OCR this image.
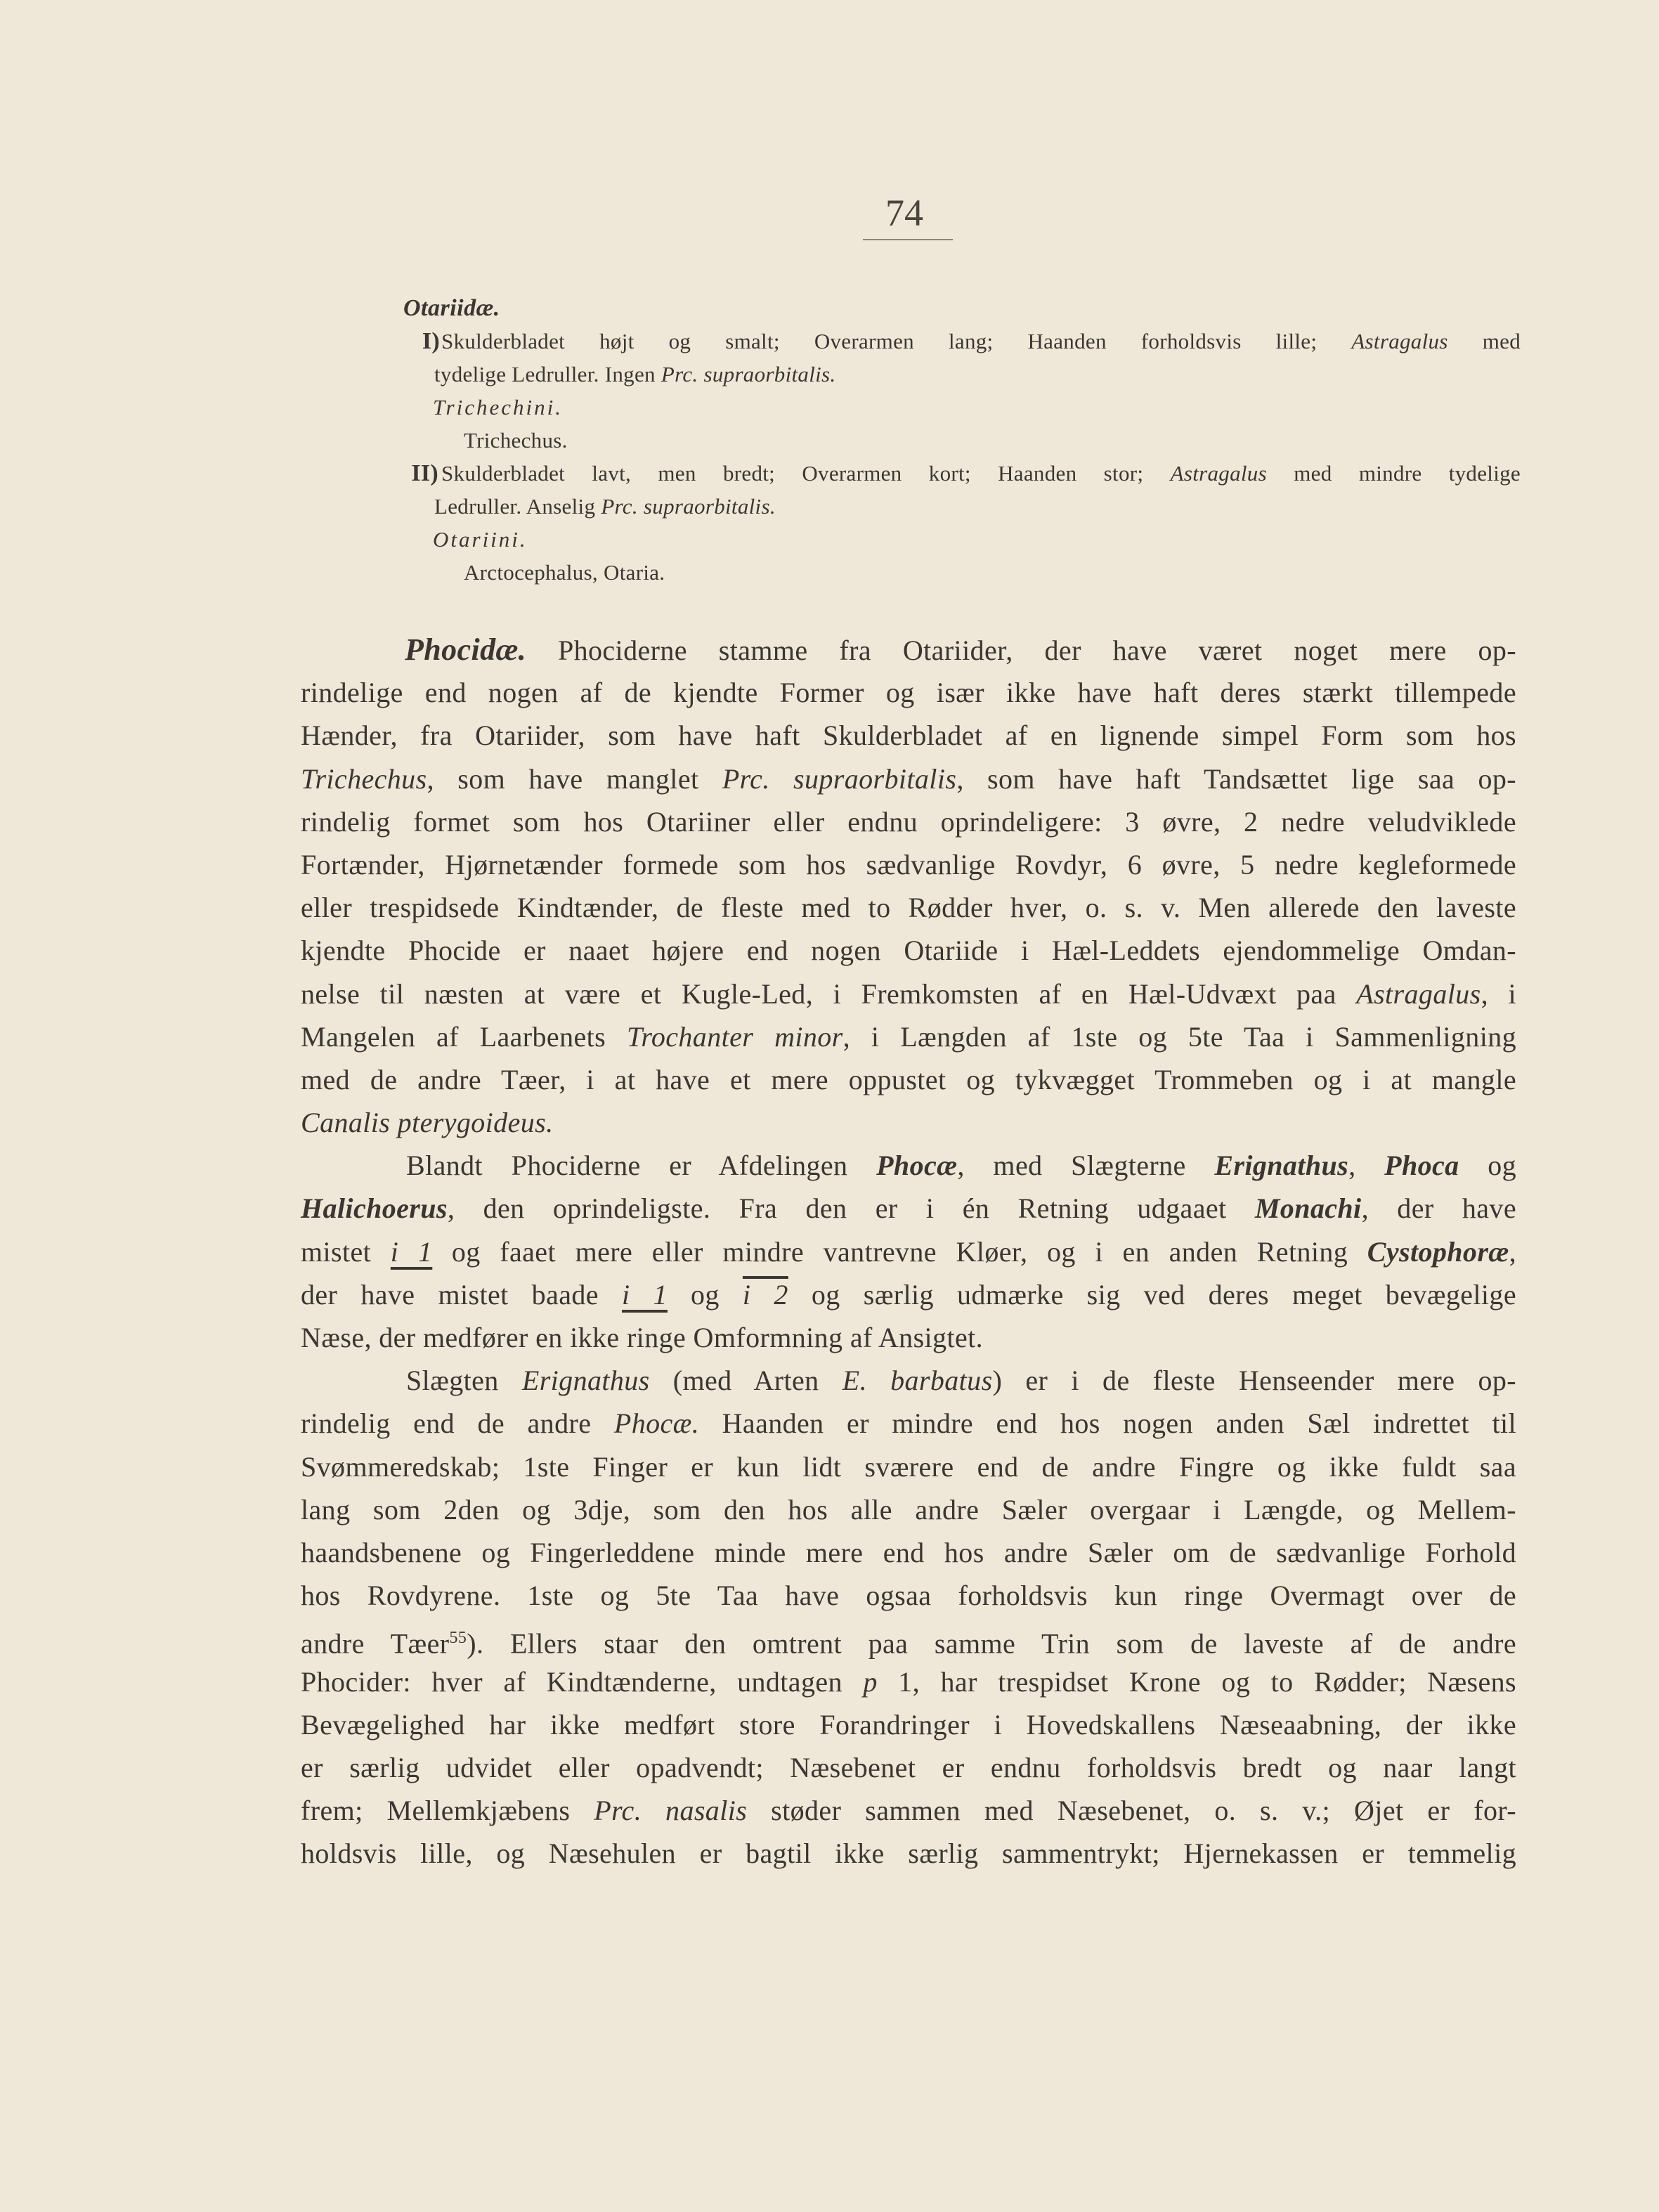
74
Otariidæ.
I) Skulderbladet højt og smalt; Overarmen lang; Haanden forholdsvis lille; Astragalus med
tydelige Ledruller. Ingen Prc. supraorbitalis.
Trichechini.
Trichechus.
II) Skulderbladet lavt, men bredt; Overarmen kort; Haanden stor; Astragalus med mindre tydelige
Ledruller. Anselig Prc. supraorbitalis.
Otariini.
Arctocephalus, Otaria.
Phocidæ. Phociderne stamme fra Otariider, der have været noget mere op-
rindelige end nogen af de kjendte Former og især ikke have haft deres stærkt tillempede
Hænder, fra Otariider, som have haft Skulderbladet af en lignende simpel Form som hos
Trichechus, som have manglet Prc. supraorbitalis, som have haft Tandsættet lige saa op-
rindelig formet som hos Otariiner eller endnu oprindeligere: 3 øvre, 2 nedre veludviklede
Fortænder, Hjørnetænder formede som hos sædvanlige Rovdyr, 6 øvre, 5 nedre kegleformede
eller trespidsede Kindtænder, de fleste med to Rødder hver, o. s. v. Men allerede den laveste
kjendte Phocide er naaet højere end nogen Otariide i Hæl-Leddets ejendommelige Omdan-
nelse til næsten at være et Kugle-Led, i Fremkomsten af en Hæl-Udvæxt paa Astragalus, i
Mangelen af Laarbenets Trochanter minor, i Længden af 1ste og 5te Taa i Sammenligning
med de andre Tæer, i at have et mere oppustet og tykvægget Trommeben og i at mangle
Canalis pterygoideus.
Blandt Phociderne er Afdelingen Phocæ, med Slægterne Erignathus, Phoca og
Halichoerus, den oprindeligste. Fra den er i én Retning udgaaet Monachi, der have
mistet i 1 og faaet mere eller mindre vantrevne Kløer, og i en anden Retning Cystophoræ,
der have mistet baade i 1 og i 2 og særlig udmærke sig ved deres meget bevægelige
Næse, der medfører en ikke ringe Omformning af Ansigtet.
Slægten Erignathus (med Arten E. barbatus) er i de fleste Henseender mere op-
rindelig end de andre Phocæ. Haanden er mindre end hos nogen anden Sæl indrettet til
Svømmeredskab; 1ste Finger er kun lidt sværere end de andre Fingre og ikke fuldt saa
lang som 2den og 3dje, som den hos alle andre Sæler overgaar i Længde, og Mellem-
haandsbenene og Fingerleddene minde mere end hos andre Sæler om de sædvanlige Forhold
hos Rovdyrene. 1ste og 5te Taa have ogsaa forholdsvis kun ringe Overmagt over de
andre Tæer$^{55}$). Ellers staar den omtrent paa samme Trin som de laveste af de andre
Phocider: hver af Kindtænderne, undtagen p 1, har trespidset Krone og to Rødder; Næsens
Bevægelighed har ikke medført store Forandringer i Hovedskallens Næseaabning, der ikke
er særlig udvidet eller opadvendt; Næsebenet er endnu forholdsvis bredt og naar langt
frem; Mellemkjæbens Prc. nasalis støder sammen med Næsebenet, o. s. v.; Øjet er for-
holdsvis lille, og Næsehulen er bagtil ikke særlig sammentrykt; Hjernekassen er temmelig
